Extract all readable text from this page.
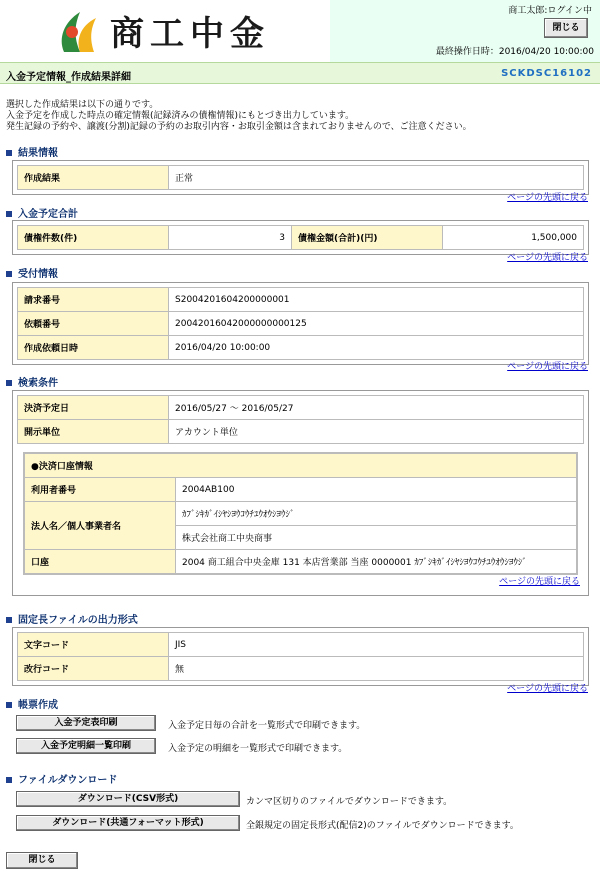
商工中金
商工太郎:ログイン中
閉じる
最終操作日時：2016/04/20 10:00:00
入金予定情報_作成結果詳細	SCKDSC16102
選択した作成結果は以下の通りです。
入金予定を作成した時点の確定情報(記録済みの債権情報)にもとづき出力しています。
発生記録の予約や、譲渡(分割)記録の予約のお取引内容・お取引金額は含まれておりませんので、ご注意ください。
結果情報
作成結果	正常
ページの先頭に戻る
入金予定合計
債権件数(件)	3	債権金額(合計)(円)	1,500,000
ページの先頭に戻る
受付情報
請求番号	S2004201604200000001
依頼番号	20042016042000000000125
作成依頼日時	2016/04/20 10:00:00
ページの先頭に戻る
検索条件
決済予定日	2016/05/27 〜 2016/05/27
開示単位	アカウント単位
●決済口座情報	
利用者番号	2004AB100
法人名／個人事業者名	ｶﾌﾞｼｷｶﾞｲｼﾔｼﾖｳｺｳﾁﾕｳｵｳｼﾖｳｼﾞ
	株式会社商工中央商事
口座	2004 商工組合中央金庫 131 本店営業部 当座 0000001 ｶﾌﾞｼｷｶﾞｲｼﾔｼﾖｳｺｳﾁﾕｳｵｳｼﾖｳｼﾞ
ページの先頭に戻る
固定長ファイルの出力形式
文字コード	JIS
改行コード	無
ページの先頭に戻る
帳票作成
入金予定表印刷	入金予定日毎の合計を一覧形式で印刷できます。
入金予定明細一覧印刷	入金予定の明細を一覧形式で印刷できます。
ファイルダウンロード
ダウンロード(CSV形式)	カンマ区切りのファイルでダウンロードできます。
ダウンロード(共通フォーマット形式)	全銀規定の固定長形式(配信2)のファイルでダウンロードできます。
閉じる
